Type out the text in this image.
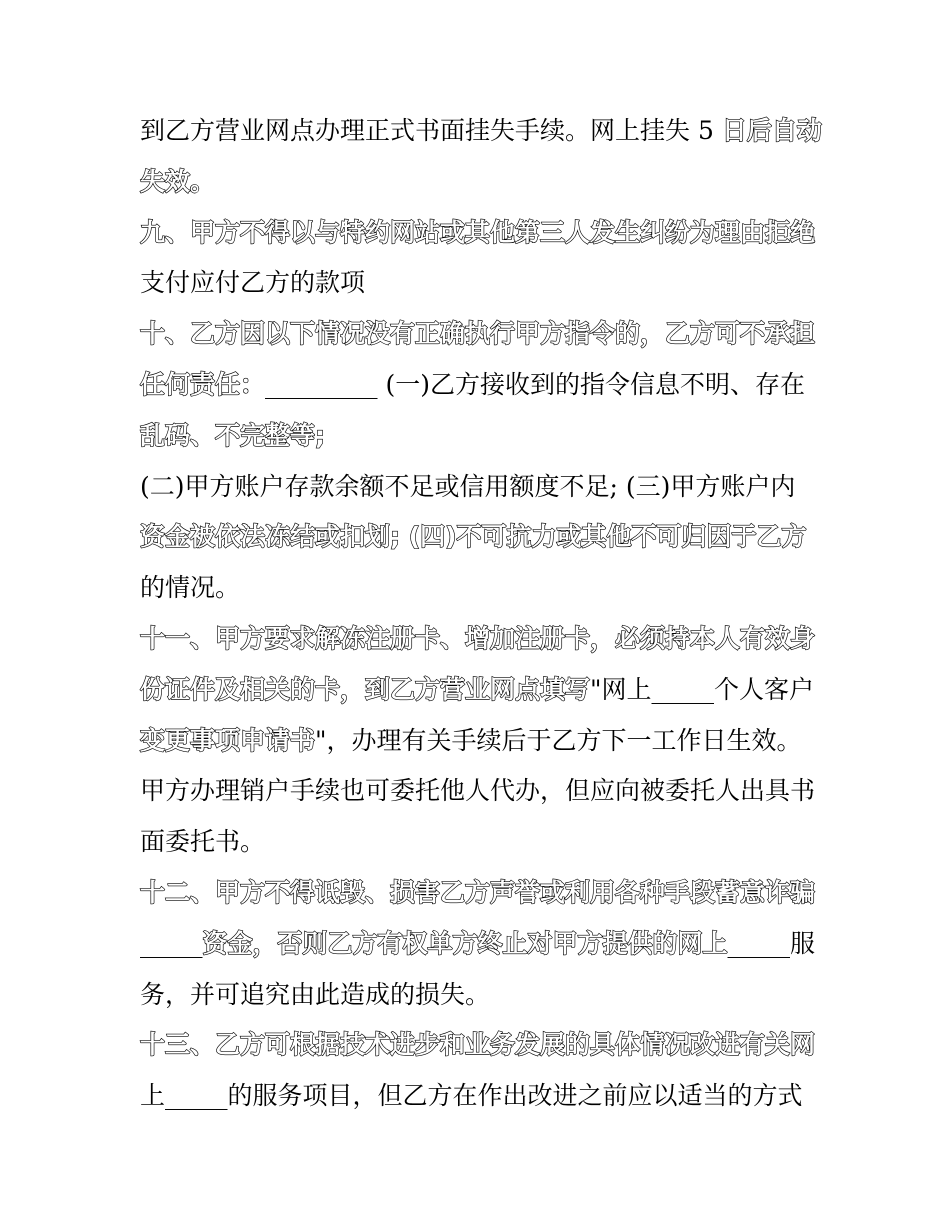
到乙方营业网点办理正式书面挂失手续。网上挂失 5 日后自动
失效。
九、甲方不得以与特约网站或其他第三人发生纠纷为理由拒绝
支付应付乙方的款项
十、乙方因以下情况没有正确执行甲方指令的，乙方可不承担
任何责任：_________ (一)乙方接收到的指令信息不明、存在
乱码、不完整等;
(二)甲方账户存款余额不足或信用额度不足; (三)甲方账户内
资金被依法冻结或扣划; (四)不可抗力或其他不可归因于乙方
的情况。
十一、甲方要求解冻注册卡、增加注册卡，必须持本人有效身
份证件及相关的卡，到乙方营业网点填写"网上_____个人客户
变更事项申请书"，办理有关手续后于乙方下一工作日生效。
甲方办理销户手续也可委托他人代办，但应向被委托人出具书
面委托书。
十二、甲方不得诋毁、损害乙方声誉或利用各种手段蓄意诈骗
_____资金，否则乙方有权单方终止对甲方提供的网上_____服
务，并可追究由此造成的损失。
十三、乙方可根据技术进步和业务发展的具体情况改进有关网
上_____的服务项目，但乙方在作出改进之前应以适当的方式
